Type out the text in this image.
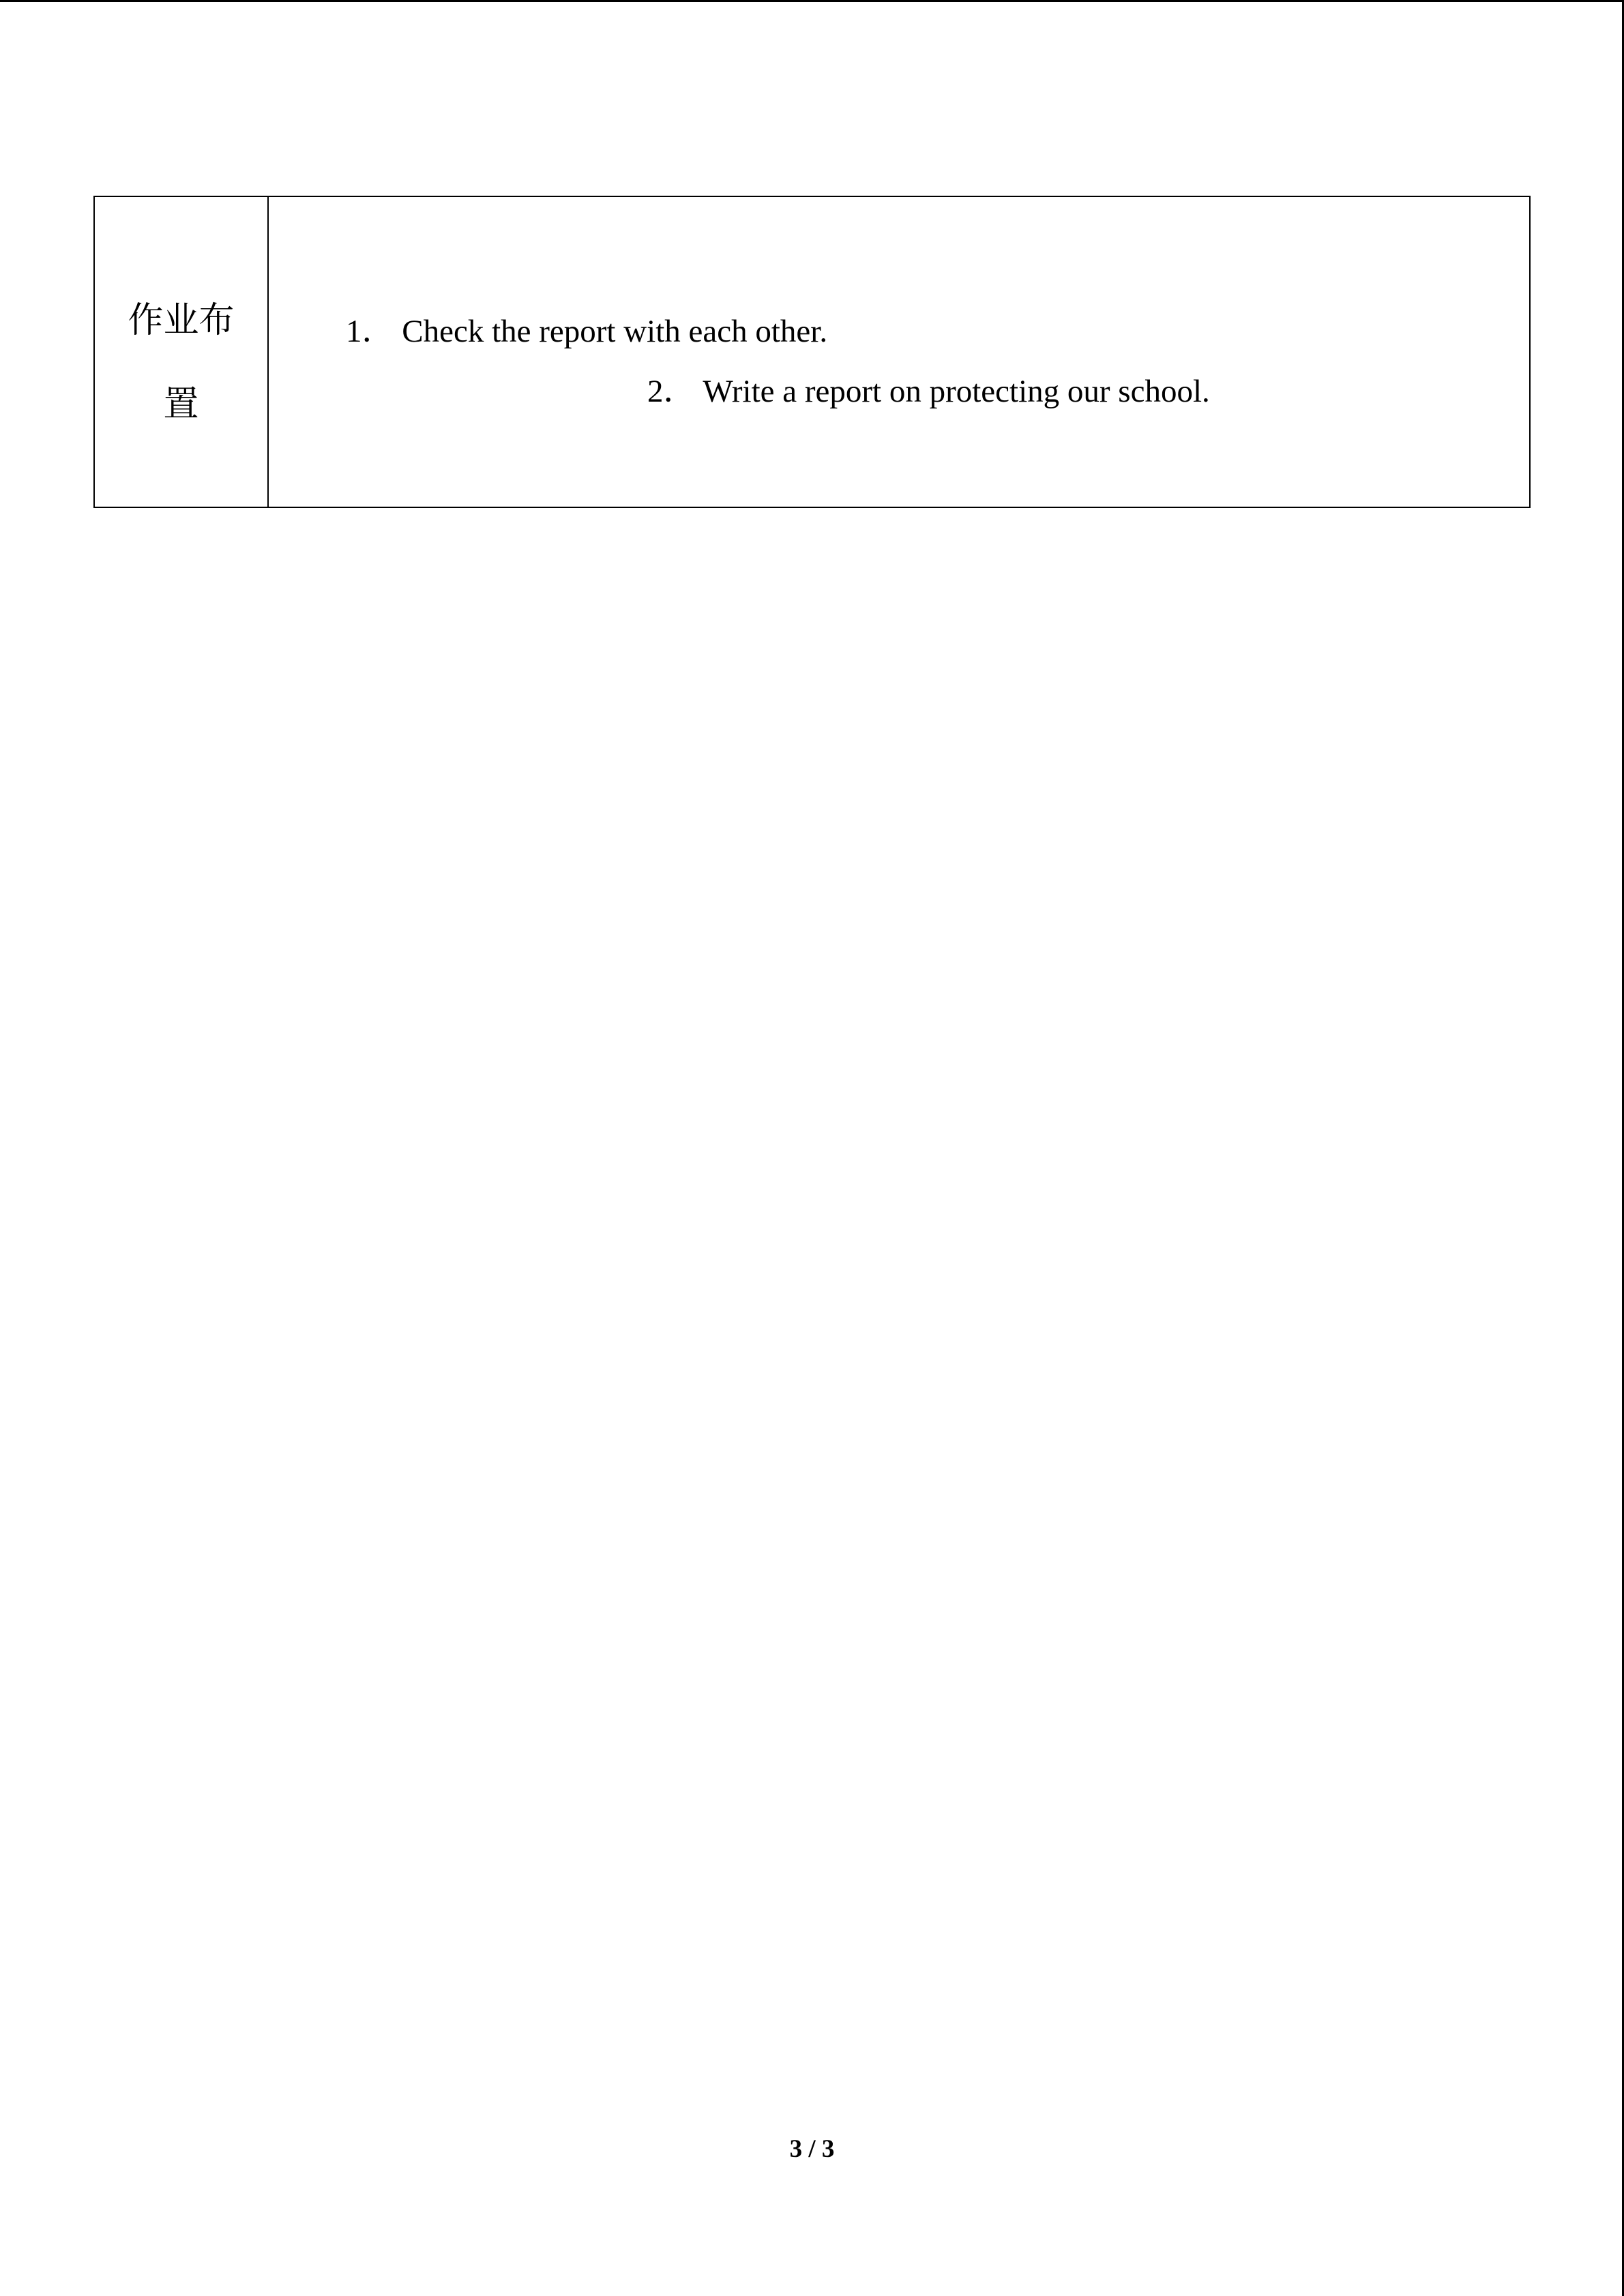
作业布
置
1． Check the report with each other.
2． Write a report on protecting our school.
3 / 3
